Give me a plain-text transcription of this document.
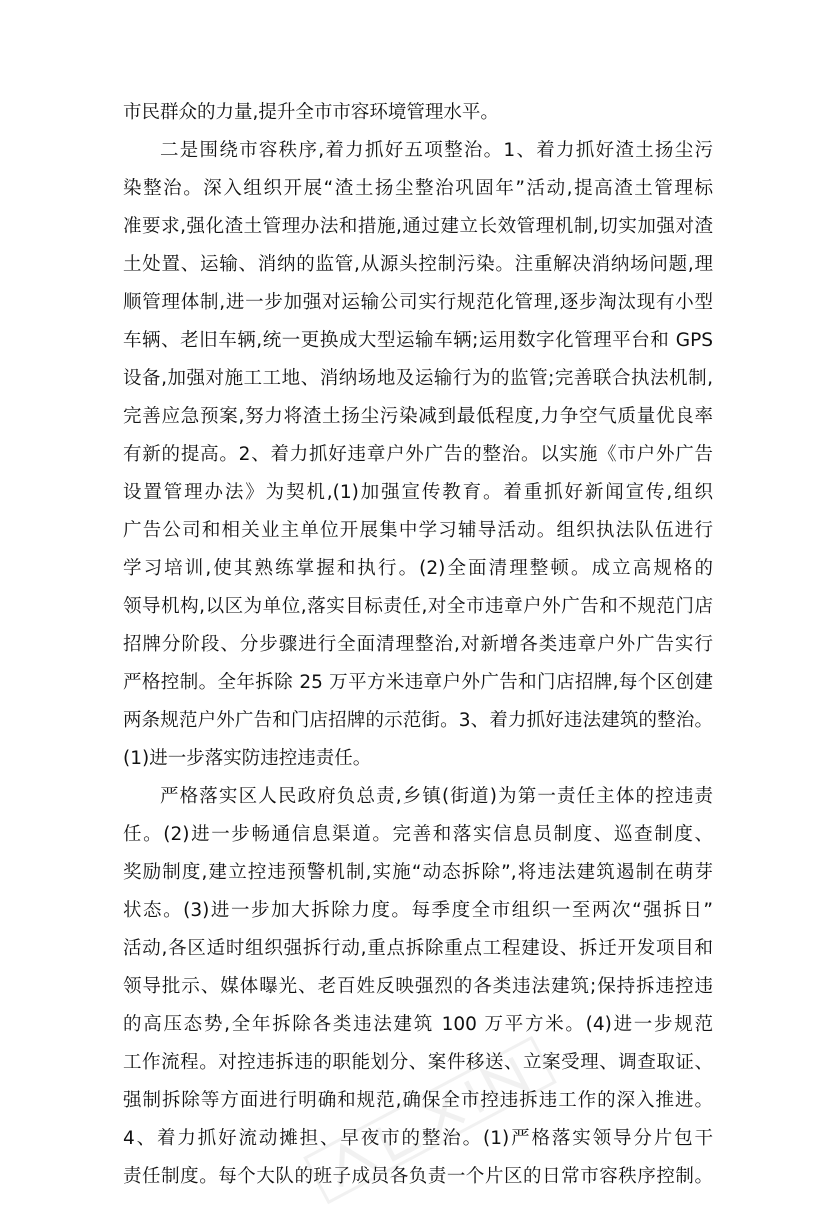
市民群众的力量,提升全市市容环境管理水平。
二是围绕市容秩序,着力抓好五项整治。1、着力抓好渣土扬尘污
染整治。深入组织开展“渣土扬尘整治巩固年”活动,提高渣土管理标
准要求,强化渣土管理办法和措施,通过建立长效管理机制,切实加强对渣
土处置、运输、消纳的监管,从源头控制污染。注重解决消纳场问题,理
顺管理体制,进一步加强对运输公司实行规范化管理,逐步淘汰现有小型
车辆、老旧车辆,统一更换成大型运输车辆;运用数字化管理平台和 GPS
设备,加强对施工工地、消纳场地及运输行为的监管;完善联合执法机制,
完善应急预案,努力将渣土扬尘污染减到最低程度,力争空气质量优良率
有新的提高。2、着力抓好违章户外广告的整治。以实施《市户外广告
设置管理办法》为契机,(1)加强宣传教育。着重抓好新闻宣传,组织
广告公司和相关业主单位开展集中学习辅导活动。组织执法队伍进行
学习培训,使其熟练掌握和执行。(2)全面清理整顿。成立高规格的
领导机构,以区为单位,落实目标责任,对全市违章户外广告和不规范门店
招牌分阶段、分步骤进行全面清理整治,对新增各类违章户外广告实行
严格控制。全年拆除 25 万平方米违章户外广告和门店招牌,每个区创建
两条规范户外广告和门店招牌的示范街。3、着力抓好违法建筑的整治。
(1)进一步落实防违控违责任。
严格落实区人民政府负总责,乡镇(街道)为第一责任主体的控违责
任。(2)进一步畅通信息渠道。完善和落实信息员制度、巡查制度、
奖励制度,建立控违预警机制,实施“动态拆除”,将违法建筑遏制在萌芽
状态。(3)进一步加大拆除力度。每季度全市组织一至两次“强拆日”
活动,各区适时组织强拆行动,重点拆除重点工程建设、拆迁开发项目和
领导批示、媒体曝光、老百姓反映强烈的各类违法建筑;保持拆违控违
的高压态势,全年拆除各类违法建筑 100 万平方米。(4)进一步规范
工作流程。对控违拆违的职能划分、案件移送、立案受理、调查取证、
强制拆除等方面进行明确和规范,确保全市控违拆违工作的深入推进。
4、着力抓好流动摊担、早夜市的整治。(1)严格落实领导分片包干
责任制度。每个大队的班子成员各负责一个片区的日常市容秩序控制。
